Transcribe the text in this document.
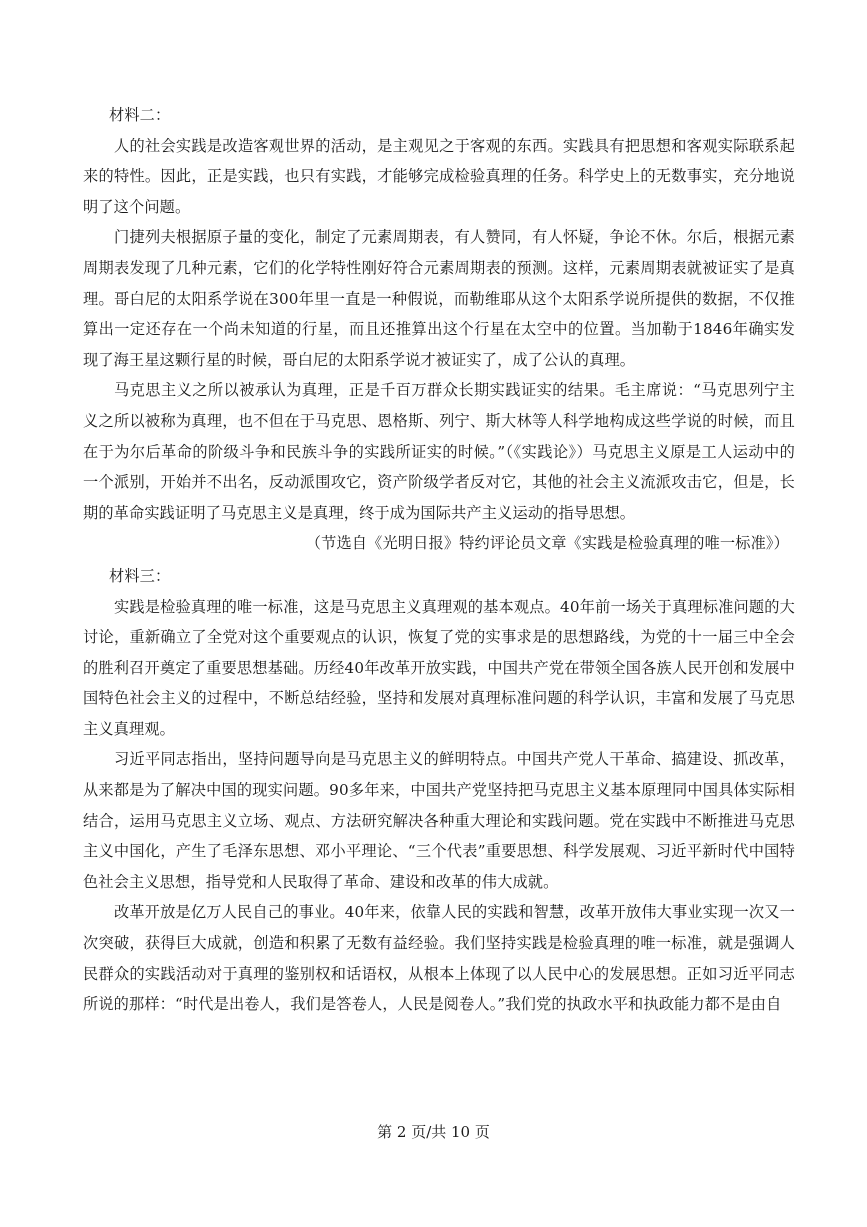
材料二：

人的社会实践是改造客观世界的活动，是主观见之于客观的东西。实践具有把思想和客观实际联系起来的特性。因此，正是实践，也只有实践，才能够完成检验真理的任务。科学史上的无数事实，充分地说明了这个问题。

门捷列夫根据原子量的变化，制定了元素周期表，有人赞同，有人怀疑，争论不休。尔后，根据元素周期表发现了几种元素，它们的化学特性刚好符合元素周期表的预测。这样，元素周期表就被证实了是真理。哥白尼的太阳系学说在300年里一直是一种假说，而勒维耶从这个太阳系学说所提供的数据，不仅推算出一定还存在一个尚未知道的行星，而且还推算出这个行星在太空中的位置。当加勒于1846年确实发现了海王星这颗行星的时候，哥白尼的太阳系学说才被证实了，成了公认的真理。

马克思主义之所以被承认为真理，正是千百万群众长期实践证实的结果。毛主席说：“马克思列宁主义之所以被称为真理，也不但在于马克思、恩格斯、列宁、斯大林等人科学地构成这些学说的时候，而且在于为尔后革命的阶级斗争和民族斗争的实践所证实的时候。”（《实践论》）马克思主义原是工人运动中的一个派别，开始并不出名，反动派围攻它，资产阶级学者反对它，其他的社会主义流派攻击它，但是，长期的革命实践证明了马克思主义是真理，终于成为国际共产主义运动的指导思想。

（节选自《光明日报》特约评论员文章《实践是检验真理的唯一标准》）

材料三：

实践是检验真理的唯一标准，这是马克思主义真理观的基本观点。40年前一场关于真理标准问题的大讨论，重新确立了全党对这个重要观点的认识，恢复了党的实事求是的思想路线，为党的十一届三中全会的胜利召开奠定了重要思想基础。历经40年改革开放实践，中国共产党在带领全国各族人民开创和发展中国特色社会主义的过程中，不断总结经验，坚持和发展对真理标准问题的科学认识，丰富和发展了马克思主义真理观。

习近平同志指出，坚持问题导向是马克思主义的鲜明特点。中国共产党人干革命、搞建设、抓改革，从来都是为了解决中国的现实问题。90多年来，中国共产党坚持把马克思主义基本原理同中国具体实际相结合，运用马克思主义立场、观点、方法研究解决各种重大理论和实践问题。党在实践中不断推进马克思主义中国化，产生了毛泽东思想、邓小平理论、“三个代表”重要思想、科学发展观、习近平新时代中国特色社会主义思想，指导党和人民取得了革命、建设和改革的伟大成就。

改革开放是亿万人民自己的事业。40年来，依靠人民的实践和智慧，改革开放伟大事业实现一次又一次突破，获得巨大成就，创造和积累了无数有益经验。我们坚持实践是检验真理的唯一标准，就是强调人民群众的实践活动对于真理的鉴别权和话语权，从根本上体现了以人民中心的发展思想。正如习近平同志所说的那样：“时代是出卷人，我们是答卷人，人民是阅卷人。”我们党的执政水平和执政能力都不是由自

第 2 页/共 10 页
